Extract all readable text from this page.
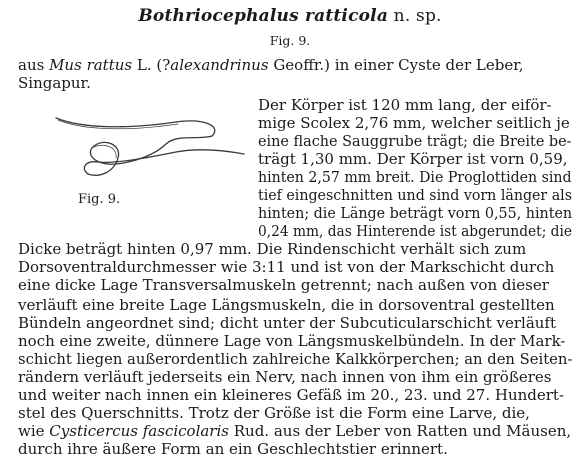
Bothriocephalus ratticola n. sp.
Fig. 9.
aus Mus rattus L. (?alexandrinus Geoffr.) in einer Cyste der Leber,
Singapur.
Fig. 9.
Der Körper ist 120 mm lang, der eiför-
mige Scolex 2,76 mm, welcher seitlich je
eine flache Sauggrube trägt; die Breite be-
trägt 1,30 mm. Der Körper ist vorn 0,59,
hinten 2,57 mm breit. Die Proglottiden sind
tief eingeschnitten und sind vorn länger als
hinten; die Länge beträgt vorn 0,55, hinten
0,24 mm, das Hinterende ist abgerundet; die
Dicke beträgt hinten 0,97 mm. Die Rindenschicht verhält sich zum
Dorsoventraldurchmesser wie 3:11 und ist von der Markschicht durch
eine dicke Lage Transversalmuskeln getrennt; nach außen von dieser
verläuft eine breite Lage Längsmuskeln, die in dorsoventral gestellten
Bündeln angeordnet sind; dicht unter der Subcuticularschicht verläuft
noch eine zweite, dünnere Lage von Längsmuskelbündeln. In der Mark-
schicht liegen außerordentlich zahlreiche Kalkkörperchen; an den Seiten-
rändern verläuft jederseits ein Nerv, nach innen von ihm ein größeres
und weiter nach innen ein kleineres Gefäß im 20., 23. und 27. Hundert-
stel des Querschnitts. Trotz der Größe ist die Form eine Larve, die,
wie Cysticercus fascicolaris Rud. aus der Leber von Ratten und Mäusen,
durch ihre äußere Form an ein Geschlechtstier erinnert.
